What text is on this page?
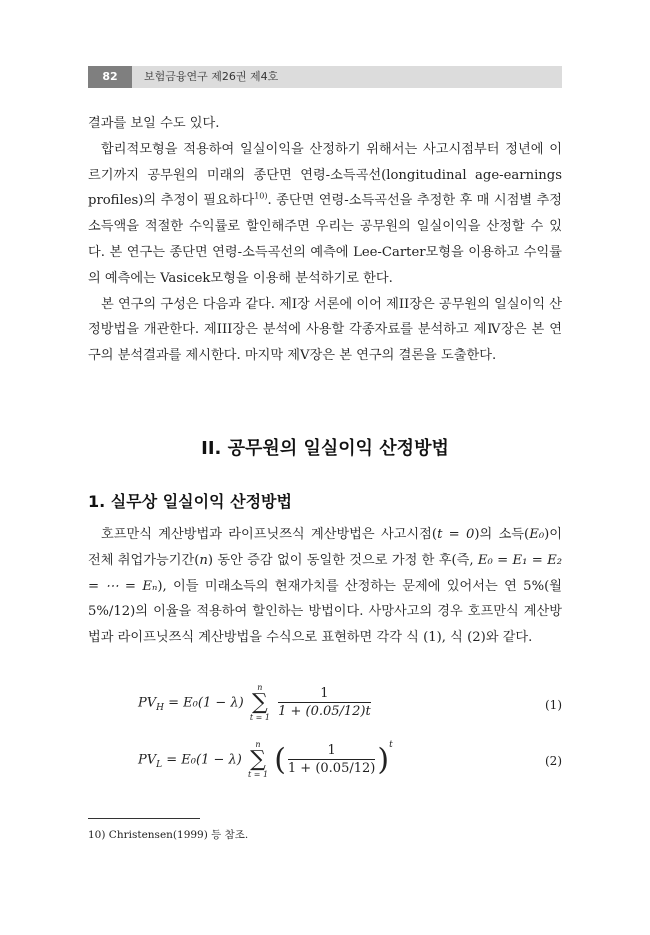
82	보험금융연구 제26권 제4호

결과를 보일 수도 있다.

합리적모형을 적용하여 일실이익을 산정하기 위해서는 사고시점부터 정년에 이르기까지 공무원의 미래의 종단면 연령-소득곡선(longitudinal age-earnings profiles)의 추정이 필요하다$^{10)}$. 종단면 연령-소득곡선을 추정한 후 매 시점별 추정 소득액을 적절한 수익률로 할인해주면 우리는 공무원의 일실이익을 산정할 수 있다. 본 연구는 종단면 연령-소득곡선의 예측에 Lee-Carter모형을 이용하고 수익률의 예측에는 Vasicek모형을 이용해 분석하기로 한다.

본 연구의 구성은 다음과 같다. 제I장 서론에 이어 제II장은 공무원의 일실이익 산정방법을 개관한다. 제III장은 분석에 사용할 각종자료를 분석하고 제Ⅳ장은 본 연구의 분석결과를 제시한다. 마지막 제Ⅴ장은 본 연구의 결론을 도출한다.

II. 공무원의 일실이익 산정방법
1. 실무상 일실이익 산정방법

호프만식 계산방법과 라이프닛쯔식 계산방법은 사고시점(t = 0)의 소득(E₀)이 전체 취업가능기간(n) 동안 증감 없이 동일한 것으로 가정 한 후(즉, E₀ = E₁ = E₂ = ⋯ = Eₙ), 이들 미래소득의 현재가치를 산정하는 문제에 있어서는 연 5%(월5%/12)의 이율을 적용하여 할인하는 방법이다. 사망사고의 경우 호프만식 계산방법과 라이프닛쯔식 계산방법을 수식으로 표현하면 각각 식 (1), 식 (2)와 같다.

$PV_H = E_0(1 - \lambda)$
n
∑
t = 1
$\frac{1}{1 + (0.05/12)t}$	(1)
$PV_L = E_0(1 - \lambda)$
n
∑
t = 1 ( $\frac{1}{1 + (0.05/12)} )^t$
(2)
10) Christensen(1999) 등 참조.
